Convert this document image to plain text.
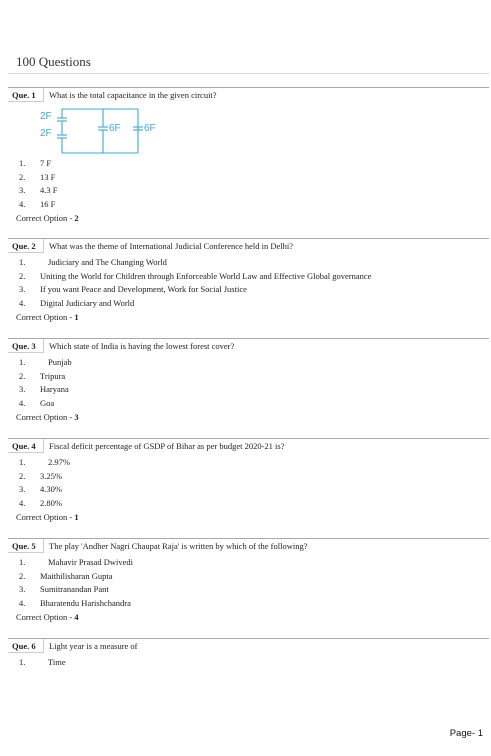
100 Questions
Que. 1	What is the total capacitance in the given circuit?
2F
2F	6F 6F
1. 7 F
2. 13 F
3. 4.3 F
4. 16 F
Correct Option - 2
Que. 2	What was the theme of International Judicial Conference held in Delhi?
1.	Judiciary and The Changing World
2. Uniting the World for Children through Enforceable World Law and Effective Global governance
3. If you want Peace and Development, Work for Social Justice
4. Digital Judiciary and World
Correct Option - 1
Que. 3	Which state of India is having the lowest forest cover?
1.	Punjab
2. Tripura
3. Haryana
4. Goa
Correct Option - 3
Que. 4	Fiscal deficit percentage of GSDP of Bihar as per budget 2020-21 is?
1.	2.97%
2. 3.25%
3. 4.30%
4. 2.80%
Correct Option - 1
Que. 5	The play 'Andher Nagri Chaupat Raja' is written by which of the following?
1.	Mahavir Prasad Dwivedi
2. Maithilisharan Gupta
3. Sumitranandan Pant
4. Bharatendu Harishchandra
Correct Option - 4
Que. 6	Light year is a measure of
1.	Time
Page- 1
